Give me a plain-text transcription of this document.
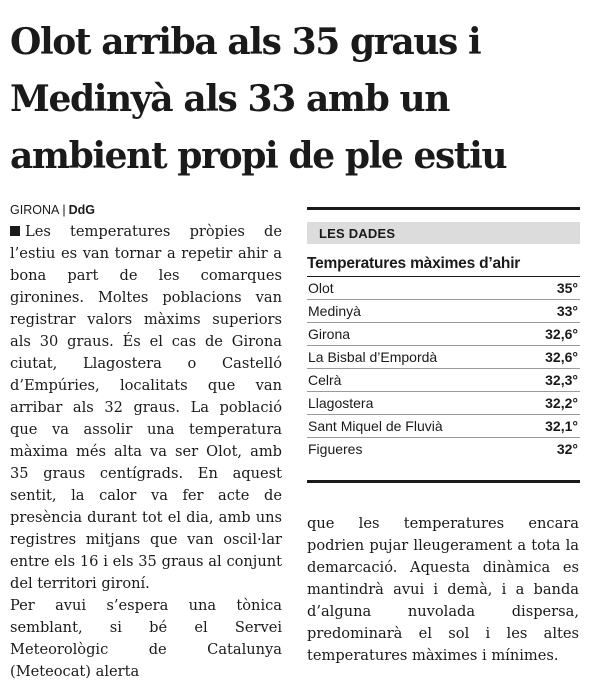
Olot arriba als 35 graus i Medinyà als 33 amb un ambient propi de ple estiu
GIRONA | DdG

Les temperatures pròpies de l’estiu es van tornar a repetir ahir a bona part de les comarques gironines. Moltes poblacions van registrar valors màxims superiors als 30 graus. És el cas de Girona ciutat, Llagostera o Castelló d’Empúries, localitats que van arribar als 32 graus. La població que va assolir una temperatura màxima més alta va ser Olot, amb 35 graus centígrads. En aquest sentit, la calor va fer acte de presència durant tot el dia, amb uns registres mitjans que van oscil·lar entre els 16 i els 35 graus al conjunt del territori gironí.

Per avui s’espera una tònica semblant, si bé el Servei Meteorològic de Catalunya (Meteocat) alerta

LES DADES
Temperatures màximes d’ahir
Olot	35°
Medinyà	33°
Girona	32,6°
La Bisbal d’Empordà	32,6°
Celrà	32,3°
Llagostera	32,2°
Sant Miquel de Fluvià	32,1°
Figueres	32°

que les temperatures encara podrien pujar lleugerament a tota la demarcació. Aquesta dinàmica es mantindrà avui i demà, i a banda d’alguna nuvolada dispersa, predominarà el sol i les altes temperatures màximes i mínimes.
